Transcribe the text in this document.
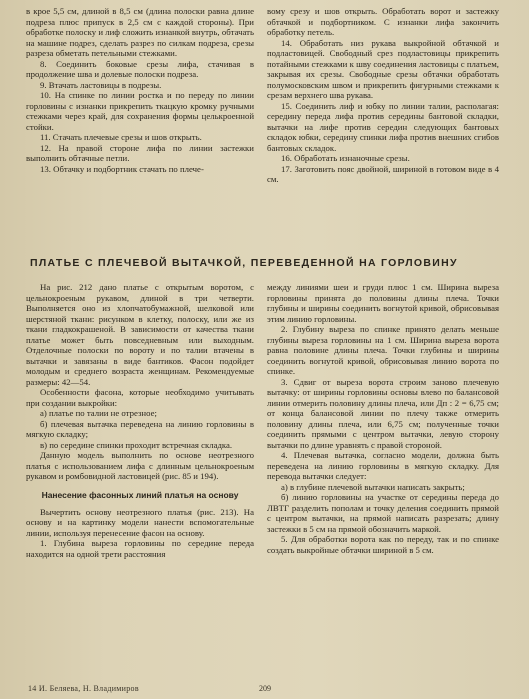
в крое 5,5 см, длиной в 8,5 см (длина полоски равна длине подреза плюс припуск в 2,5 см с каждой стороны). При обработке полоску и лиф сложить изнанкой внутрь, обтачать на машине подрез, сделать разрез по силкам подреза, срезы разреза обметать петельными стежками.

8. Соединить боковые срезы лифа, стачивая в продолжение шва и долевые полоски подреза.

9. Втачать ластовицы в подрезы.

10. На спинке по линии ростка и по переду по линии горловины с изнанки прикрепить ткацкую кромку ручными стежками через край, для сохранения формы целькроенной стойки.

11. Стачать плечевые срезы и шов открыть.

12. На правой стороне лифа по линии застежки выполнить обтачные петли.

13. Обтачку и подбортник стачать по плече-

вому срезу и шов открыть. Обработать ворот и застежку обтачкой и подбортником. С изнанки лифа закончить обработку петель.

14. Обработать низ рукава выкройной обтачкой и подластовицей. Свободный срез подластовицы прикрепить потайными стежками к шву соединения ластовицы с платьем, закрывая их срезы. Свободные срезы обтачки обработать полумосковским швом и прикрепить фигурными стежками к срезам верхнего шва рукава.

15. Соединить лиф и юбку по линии талии, располагая: середину переда лифа против середины бантовой складки, вытачки на лифе против середин следующих бантовых складок юбки, середину спинки лифа против внешних сгибов бантовых складок.

16. Обработать изнаночные срезы.

17. Заготовить пояс двойной, шириной в готовом виде в 4 см.

ПЛАТЬЕ С ПЛЕЧЕВОЙ ВЫТАЧКОЙ, ПЕРЕВЕДЕННОЙ НА ГОРЛОВИНУ

На рис. 212 дано платье с открытым воротом, с цельнокроеным рукавом, длиной в три четверти. Выполняется оно из хлопчатобумажной, шелковой или шерстяной ткани: рисунком в клетку, полоску, или же из ткани гладкокрашеной. В зависимости от качества ткани платье может быть повседневным или выходным. Отделочные полоски по вороту и по талии втачены в вытачки и завязаны в виде бантиков. Фасон подойдет молодым и среднего возраста женщинам. Рекомендуемые размеры: 42—54.

Особенности фасона, которые необходимо учитывать при создании выкройки:

а) платье по талии не отрезное;

б) плечевая вытачка переведена на линию горловины в мягкую складку;

в) по середине спинки проходит встречная складка.

Данную модель выполнить по основе неотрезного платья с использованием лифа с длинным цельнокроеным рукавом и ромбовидной ластовицей (рис. 85 и 194).

Нанесение фасонных линий платья на основу

Вычертить основу неотрезного платья (рис. 213). На основу и на картинку модели нанести вспомогательные линии, используя перенесение фасон на основу.

1. Глубина выреза горловины по середине переда находится на одной трети расстояния

между линиями шеи и груди плюс 1 см. Ширина выреза горловины принята до половины длины плеча. Точки глубины и ширины соединить вогнутой кривой, обрисовывая этим линию горловины.

2. Глубину выреза по спинке принято делать меньше глубины выреза горловины на 1 см. Ширина выреза ворота равна половине длины плеча. Точки глубины и ширины соединить вогнутой кривой, обрисовывая линию ворота по спинке.

3. Сдвиг от выреза ворота строим заново плечевую вытачку: от ширины горловины основы влево по балансовой линии отмерить половину длины плеча, или Дп : 2 = 6,75 см; от конца балансовой линии по плечу также отмерить половину длины плеча, или 6,75 см; полученные точки соединить прямыми с центром вытачки, левую сторону вытачки по длине уравнять с правой стороной.

4. Плечевая вытачка, согласно модели, должна быть переведена на линию горловины в мягкую складку. Для перевода вытачки следует:

а) в глубине плечевой вытачки написать закрыть;

б) линию горловины на участке от середины переда до ЛВТГ разделить пополам и точку деления соединить прямой с центром вытачки, на прямой написать разрезать; длину застежки в 5 см на прямой обозначить маркой.

5. Для обработки ворота как по переду, так и по спинке создать выкройные обтачки шириной в 5 см.

14 И. Беляева, Н. Владимиров	209
